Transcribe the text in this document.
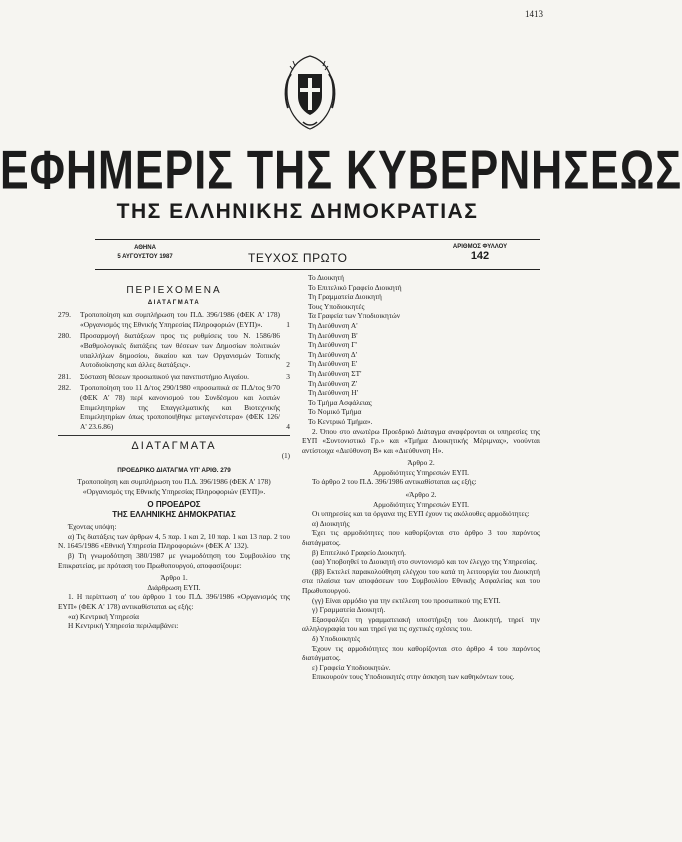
1413
ΕΦΗΜΕΡΙΣ ΤΗΣ ΚΥΒΕΡΝΗΣΕΩΣ
ΤΗΣ ΕΛΛΗΝΙΚΗΣ ΔΗΜΟΚΡΑΤΙΑΣ
ΑΘΗΝΑ
5 ΑΥΓΟΥΣΤΟΥ 1987	ΤΕΥΧΟΣ ΠΡΩΤΟ
ΑΡΙΘΜΟΣ ΦΥΛΛΟΥ
142
ΠΕΡΙΕΧΟΜΕΝΑ
ΔΙΑΤΑΓΜΑΤΑ
279. Τροποποίηση και συμπλήρωση του Π.Δ. 396/1986 (ΦΕΚ Α' 178) «Οργανισμός της Εθνικής Υπηρεσίας Πληροφοριών (ΕΥΠ)».	1
280. Προσαρμογή διατάξεων προς τις ρυθμίσεις του Ν. 1586/86 «Βαθμολογικές διατάξεις των θέσεων των Δημοσίων πολιτικών υπαλλήλων δημοσίου, δικαίου και των Οργανισμών Τοπικής Αυτοδιοίκησης και άλλες διατάξεις».	2
281. Σύσταση θέσεων προσωπικού για πανεπιστήμιο Αιγαίου.	3
282. Τροποποίηση του 11 Δ/τος 290/1980 «προσωπικά σε Π.Δ/τος 9/70 (ΦΕΚ Α' 78) περί κανονισμού του Συνδέσμου και λοιπών Επιμελητηρίων της Επαγγελματικής και Βιοτεχνικής Επιμελητηρίων όπως τροποποιήθηκε μεταγενέστερα» (ΦΕΚ 126/Α' 23.6.86)	4
ΔΙΑΤΑΓΜΑΤΑ
(1)
ΠΡΟΕΔΡΙΚΟ ΔΙΑΤΑΓΜΑ ΥΠ' ΑΡΙΘ. 279
Τροποποίηση και συμπλήρωση του Π.Δ. 396/1986 (ΦΕΚ Α' 178) «Οργανισμός της Εθνικής Υπηρεσίας Πληροφοριών (ΕΥΠ)».
Ο ΠΡΟΕΔΡΟΣ
ΤΗΣ ΕΛΛΗΝΙΚΗΣ ΔΗΜΟΚΡΑΤΙΑΣ
Έχοντας υπόψη:
α) Τις διατάξεις των άρθρων 4, 5 παρ. 1 και 2, 10 παρ. 1 και 13 παρ. 2 του Ν. 1645/1986 «Εθνική Υπηρεσία Πληροφοριών» (ΦΕΚ Α' 132).
β) Τη γνωμοδότηση 380/1987 με γνωμοδότηση του Συμβουλίου της Επικρατείας, με πρόταση του Πρωθυπουργού, αποφασίζουμε:
Άρθρο 1.
Διάρθρωση ΕΥΠ.
1. Η περίπτωση α' του άρθρου 1 του Π.Δ. 396/1986 «Οργανισμός της ΕΥΠ» (ΦΕΚ Α' 178) αντικαθίσταται ως εξής:
«α) Κεντρική Υπηρεσία
Η Κεντρική Υπηρεσία περιλαμβάνει:
Το Διοικητή
Το Επιτελικό Γραφείο Διοικητή
Τη Γραμματεία Διοικητή
Τους Υποδιοικητές
Τα Γραφεία των Υποδιοικητών
Τη Διεύθυνση Α'
Τη Διεύθυνση Β'
Τη Διεύθυνση Γ'
Τη Διεύθυνση Δ'
Τη Διεύθυνση Ε'
Τη Διεύθυνση ΣΤ'
Τη Διεύθυνση Ζ'
Τη Διεύθυνση Η'
Το Τμήμα Ασφάλειας
Το Νομικό Τμήμα
Το Κεντρικό Τμήμα».
2. Όπου στο ανωτέρω Προεδρικό Διάταγμα αναφέρονται οι υπηρεσίες της ΕΥΠ «Συντονιστικό Γρ.» και «Τμήμα Διοικητικής Μέριμνας», νοούνται αντίστοιχα «Διεύθυνση Β» και «Διεύθυνση Η».
Άρθρο 2.
Αρμοδιότητες Υπηρεσιών ΕΥΠ.
Το άρθρο 2 του Π.Δ. 396/1986 αντικαθίσταται ως εξής:
«Άρθρο 2.
Αρμοδιότητες Υπηρεσιών ΕΥΠ.
Οι υπηρεσίες και τα όργανα της ΕΥΠ έχουν τις ακόλουθες αρμοδιότητες:
α) Διοικητής
Έχει τις αρμοδιότητες που καθορίζονται στο άρθρο 3 του παρόντος διατάγματος.
β) Επιτελικό Γραφείο Διοικητή.
(αα) Υποβοηθεί το Διοικητή στο συντονισμό και τον έλεγχο της Υπηρεσίας.
(ββ) Εκτελεί παρακολούθηση ελέγχου του κατά τη λειτουργία του Διοικητή στα πλαίσια των αποφάσεων του Συμβουλίου Εθνικής Ασφαλείας και του Πρωθυπουργού.
(γγ) Είναι αρμόδιο για την εκτέλεση του προσωπικού της ΕΥΠ.
γ) Γραμματεία Διοικητή.
Εξασφαλίζει τη γραμματειακή υποστήριξη του Διοικητή, τηρεί την αλληλογραφία του και τηρεί για τις σχετικές σχέσεις του.
δ) Υποδιοικητές
Έχουν τις αρμοδιότητες που καθορίζονται στο άρθρο 4 του παρόντος διατάγματος.
ε) Γραφεία Υποδιοικητών.
Επικουρούν τους Υποδιοικητές στην άσκηση των καθηκόντων τους.
